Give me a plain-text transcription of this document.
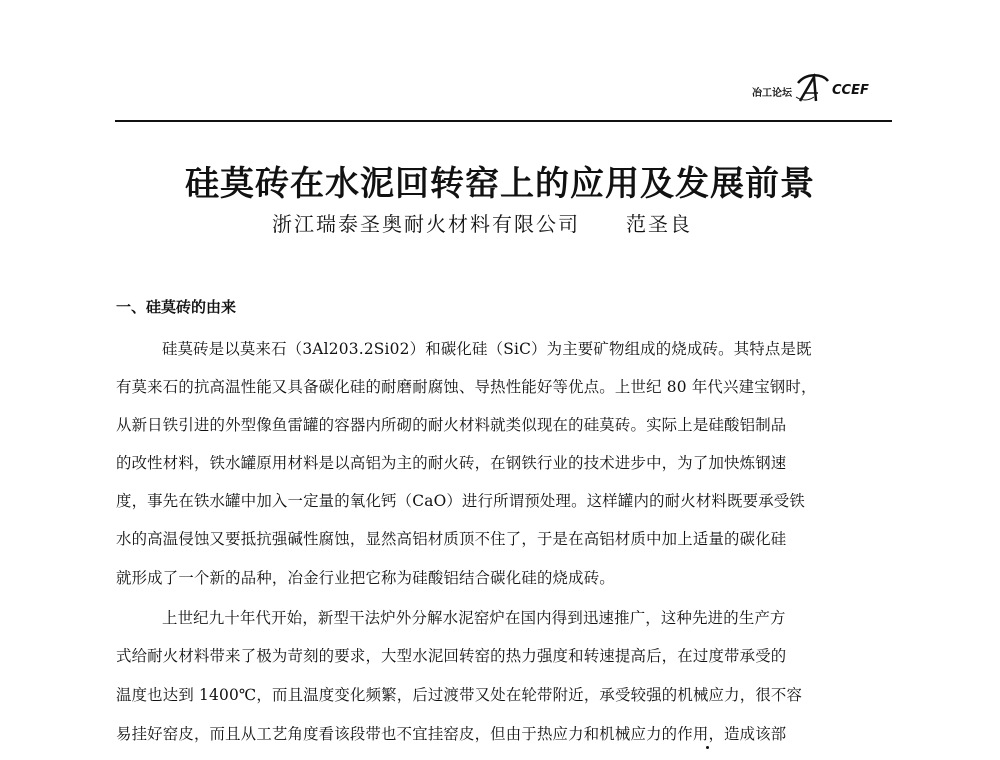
冶工论坛	CCEF
硅莫砖在水泥回转窑上的应用及发展前景
浙江瑞泰圣奥耐火材料有限公司 范圣良
一、硅莫砖的由来
硅莫砖是以莫来石（3Al203.2Si02）和碳化硅（SiC）为主要矿物组成的烧成砖。其特点是既
有莫来石的抗高温性能又具备碳化硅的耐磨耐腐蚀、导热性能好等优点。上世纪 80 年代兴建宝钢时，
从新日铁引进的外型像鱼雷罐的容器内所砌的耐火材料就类似现在的硅莫砖。实际上是硅酸铝制品
的改性材料，铁水罐原用材料是以高铝为主的耐火砖，在钢铁行业的技术进步中，为了加快炼钢速
度，事先在铁水罐中加入一定量的氧化钙（CaO）进行所谓预处理。这样罐内的耐火材料既要承受铁
水的高温侵蚀又要抵抗强碱性腐蚀，显然高铝材质顶不住了，于是在高铝材质中加上适量的碳化硅
就形成了一个新的品种，冶金行业把它称为硅酸铝结合碳化硅的烧成砖。
上世纪九十年代开始，新型干法炉外分解水泥窑炉在国内得到迅速推广，这种先进的生产方
式给耐火材料带来了极为苛刻的要求，大型水泥回转窑的热力强度和转速提高后，在过度带承受的
温度也达到 1400℃，而且温度变化频繁，后过渡带又处在轮带附近，承受较强的机械应力，很不容
易挂好窑皮，而且从工艺角度看该段带也不宜挂窑皮，但由于热应力和机械应力的作用，造成该部
